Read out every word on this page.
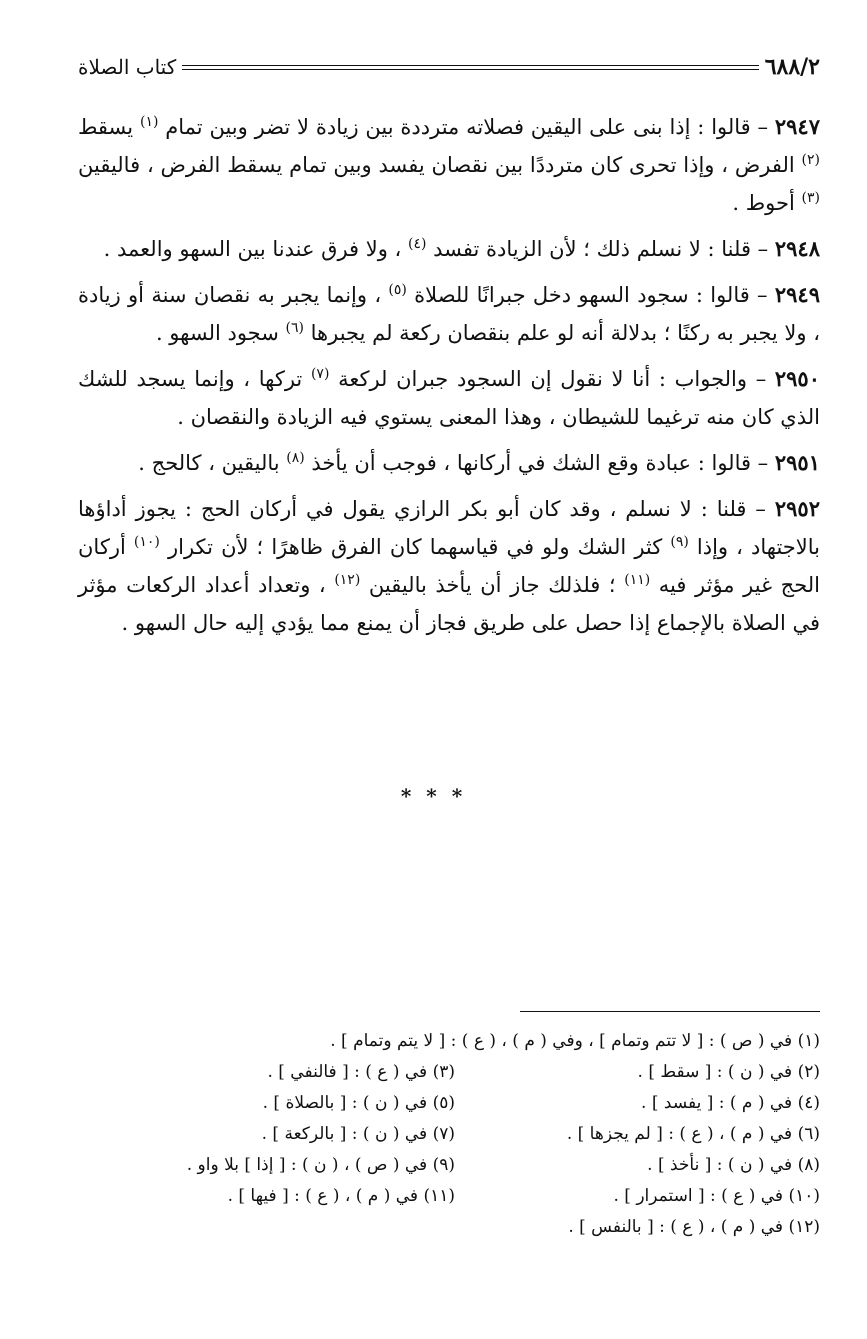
٦٨٨/٢
كتاب الصلاة

٢٩٤٧ – قالوا : إذا بنى على اليقين فصلاته مترددة بين زيادة لا تضر وبين تمام $^{(١)}$ يسقط $^{(٢)}$ الفرض ، وإذا تحرى كان مترددًا بين نقصان يفسد وبين تمام يسقط الفرض ، فاليقين $^{(٣)}$ أحوط .

٢٩٤٨ – قلنا : لا نسلم ذلك ؛ لأن الزيادة تفسد $^{(٤)}$ ، ولا فرق عندنا بين السهو والعمد .

٢٩٤٩ – قالوا : سجود السهو دخل جبرانًا للصلاة $^{(٥)}$ ، وإنما يجبر به نقصان سنة أو زيادة ، ولا يجبر به ركنًا ؛ بدلالة أنه لو علم بنقصان ركعة لم يجبرها $^{(٦)}$ سجود السهو .

٢٩٥٠ – والجواب : أنا لا نقول إن السجود جبران لركعة $^{(٧)}$ تركها ، وإنما يسجد للشك الذي كان منه ترغيما للشيطان ، وهذا المعنى يستوي فيه الزيادة والنقصان .

٢٩٥١ – قالوا : عبادة وقع الشك في أركانها ، فوجب أن يأخذ $^{(٨)}$ باليقين ، كالحج .

٢٩٥٢ – قلنا : لا نسلم ، وقد كان أبو بكر الرازي يقول في أركان الحج : يجوز أداؤها بالاجتهاد ، وإذا $^{(٩)}$ كثر الشك ولو في قياسهما كان الفرق ظاهرًا ؛ لأن تكرار $^{(١٠)}$ أركان الحج غير مؤثر فيه $^{(١١)}$ ؛ فلذلك جاز أن يأخذ باليقين $^{(١٢)}$ ، وتعداد أعداد الركعات مؤثر في الصلاة بالإجماع إذا حصل على طريق فجاز أن يمنع مما يؤدي إليه حال السهو .

* * *
(١) في ( ص ) : [ لا تتم وتمام ] ، وفي ( م ) ، ( ع ) : [ لا يتم وتمام ] .
(٢) في ( ن ) : [ سقط ] .
(٣) في ( ع ) : [ فالنفي ] .
(٤) في ( م ) : [ يفسد ] .
(٥) في ( ن ) : [ بالصلاة ] .
(٦) في ( م ) ، ( ع ) : [ لم يجزها ] .
(٧) في ( ن ) : [ بالركعة ] .
(٨) في ( ن ) : [ نأخذ ] .
(٩) في ( ص ) ، ( ن ) : [ إذا ] بلا واو .
(١٠) في ( ع ) : [ استمرار ] .
(١١) في ( م ) ، ( ع ) : [ فيها ] .
(١٢) في ( م ) ، ( ع ) : [ بالنفس ] .
